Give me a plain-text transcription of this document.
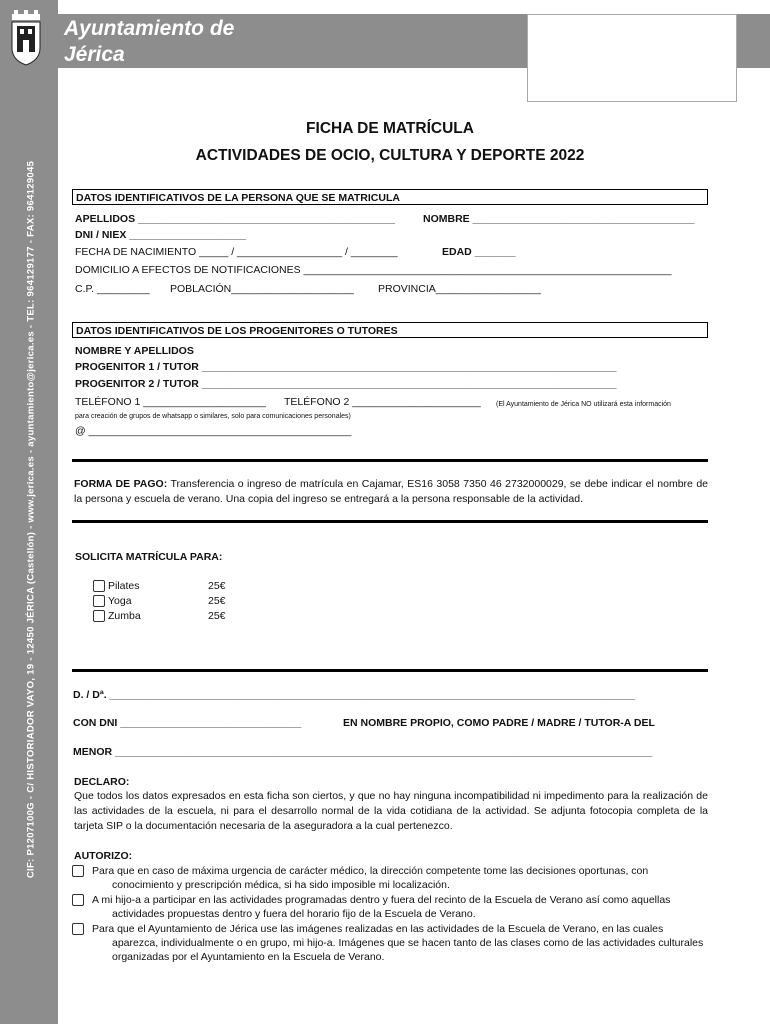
CIF: P1207100G - C/ HISTORIADOR VAYO, 19 - 12450 JÉRICA (Castellón) - www.jerica.es - ayuntamiento@jerica.es - TEL: 964129177 - FAX: 964129045
Ayuntamiento de
Jérica
FICHA DE MATRÍCULA
ACTIVIDADES DE OCIO, CULTURA Y DEPORTE 2022
DATOS IDENTIFICATIVOS DE LA PERSONA QUE SE MATRICULA
APELLIDOS ____________________________________________	NOMBRE ______________________________________
DNI / NIEX ____________________
FECHA DE NACIMIENTO _____ / __________________ / ________	EDAD _______
DOMICILIO A EFECTOS DE NOTIFICACIONES _______________________________________________________________
C.P. _________ POBLACIÓN_____________________ PROVINCIA__________________
DATOS IDENTIFICATIVOS DE LOS PROGENITORES O TUTORES
NOMBRE Y APELLIDOS
PROGENITOR 1 / TUTOR _______________________________________________________________________
PROGENITOR 2 / TUTOR _______________________________________________________________________
TELÉFONO 1 _____________________ TELÉFONO 2 ______________________ (El Ayuntamiento de Jérica NO utilizará esta información
para creación de grupos de whatsapp o similares, solo para comunicaciones personales)
@ _____________________________________________
FORMA DE PAGO: Transferencia o ingreso de matrícula en Cajamar, ES16 3058 7350 46 2732000029, se debe indicar el nombre de la persona y escuela de verano. Una copia del ingreso se entregará a la persona responsable de la actividad.
SOLICITA MATRÍCULA PARA:
Pilates	25€
Yoga	25€
Zumba	25€
D. / Dª. __________________________________________________________________________________________
CON DNI _______________________________	EN NOMBRE PROPIO, COMO PADRE / MADRE / TUTOR-A DEL
MENOR ____________________________________________________________________________________________
DECLARO:
Que todos los datos expresados en esta ficha son ciertos, y que no hay ninguna incompatibilidad ni impedimento para la realización de las actividades de la escuela, ni para el desarrollo normal de la vida cotidiana de la actividad. Se adjunta fotocopia completa de la tarjeta SIP o la documentación necesaria de la aseguradora a la cual pertenezco.
AUTORIZO:
Para que en caso de máxima urgencia de carácter médico, la dirección competente tome las decisiones oportunas, con
conocimiento y prescripción médica, si ha sido imposible mi localización.
A mi hijo-a a participar en las actividades programadas dentro y fuera del recinto de la Escuela de Verano así como aquellas
actividades propuestas dentro y fuera del horario fijo de la Escuela de Verano.
Para que el Ayuntamiento de Jérica use las imágenes realizadas en las actividades de la Escuela de Verano, en las cuales
aparezca, individualmente o en grupo, mi hijo-a. Imágenes que se hacen tanto de las clases como de las actividades culturales organizadas por el Ayuntamiento en la Escuela de Verano.
